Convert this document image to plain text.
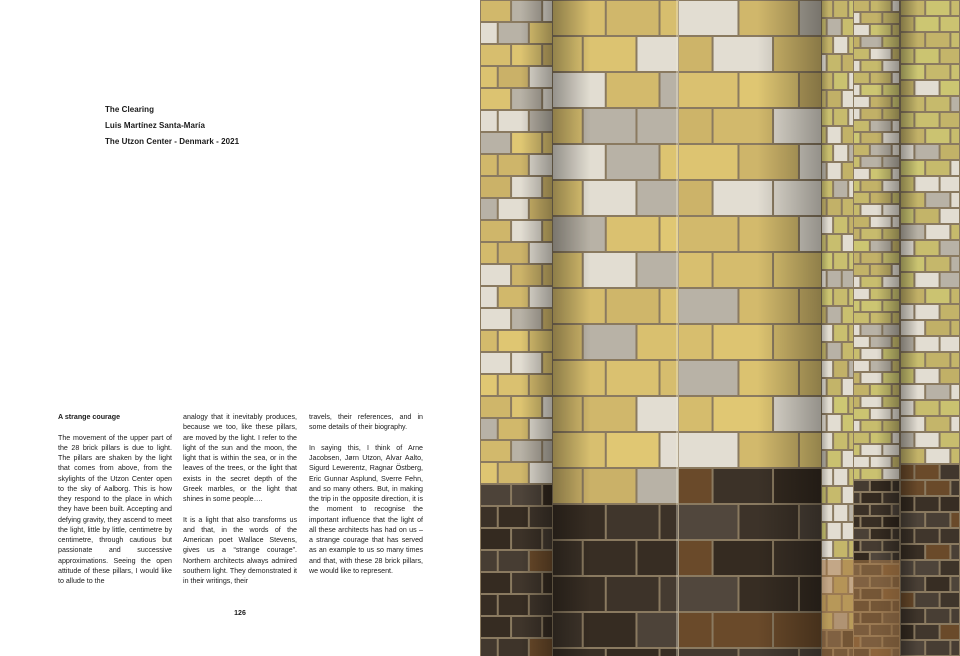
The Clearing
Luis Martínez Santa-María
The Utzon Center - Denmark - 2021
A strange courage

The movement of the upper part of the 28 brick pillars is due to light. The pillars are shaken by the light that comes from above, from the skylights of the Utzon Center open to the sky of Aalborg. This is how they respond to the place in which they have been built. Accepting and defying gravity, they ascend to meet the light, little by little, centimetre by centimetre, through cautious but passionate and successive approximations. Seeing the open attitude of these pillars, I would like to allude to the

analogy that it inevitably produces, because we too, like these pillars, are moved by the light. I refer to the light of the sun and the moon, the light that is within the sea, or in the leaves of the trees, or the light that exists in the secret depth of the Greek marbles, or the light that shines in some people….

It is a light that also transforms us and that, in the words of the American poet Wallace Stevens, gives us a “strange courage”. Northern architects always admired southern light. They demonstrated it in their writings, their

travels, their references, and in some details of their biography.

In saying this, I think of Arne Jacobsen, Jørn Utzon, Alvar Aalto, Sigurd Lewerentz, Ragnar Östberg, Eric Gunnar Asplund, Sverre Fehn, and so many others. But, in making the trip in the opposite direction, it is the moment to recognise the important influence that the light of all these architects has had on us – a strange courage that has served as an example to us so many times and that, with these 28 brick pillars, we would like to represent.

126
